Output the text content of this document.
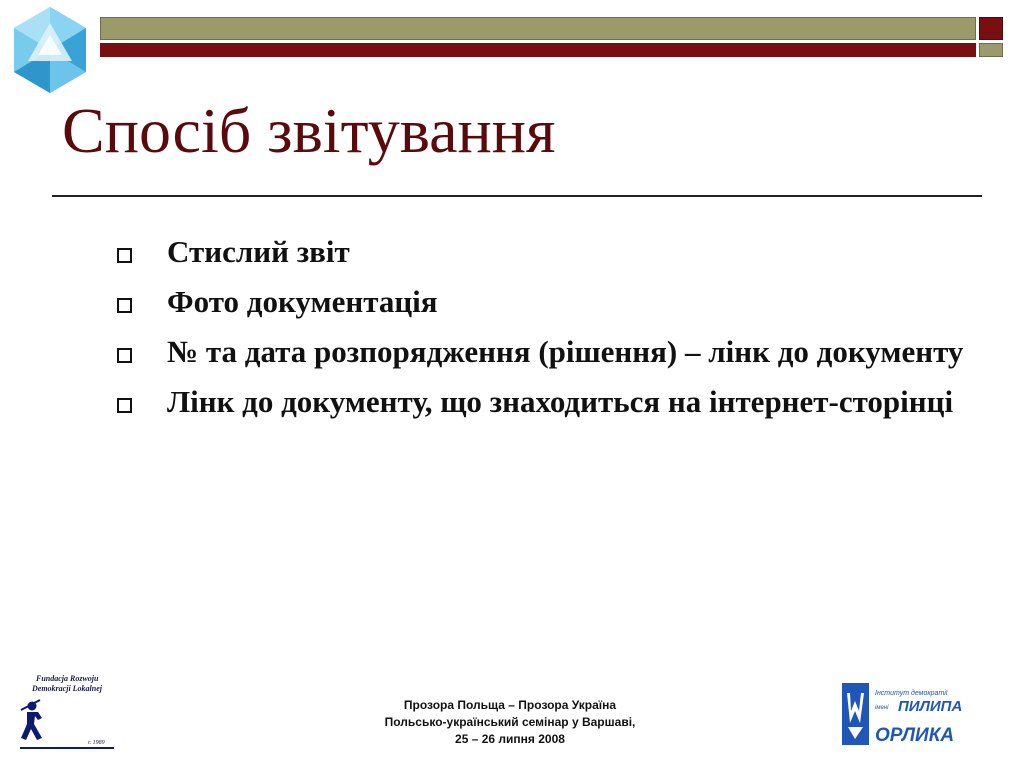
Спосіб звітування
Стислий звіт
Фото документація
№ та дата розпорядження (рішення) – лінк до документу
Лінк до документу, що знаходиться на інтернет-сторінці
Fundacja Rozwoju
Demokracji Lokalnej
r. 1989
Прозора Польща – Прозора Україна
Польсько-український семінар у Варшаві,
25 – 26 липня 2008
Інститут демократії
імені ПИЛИПА
ОРЛИКА
